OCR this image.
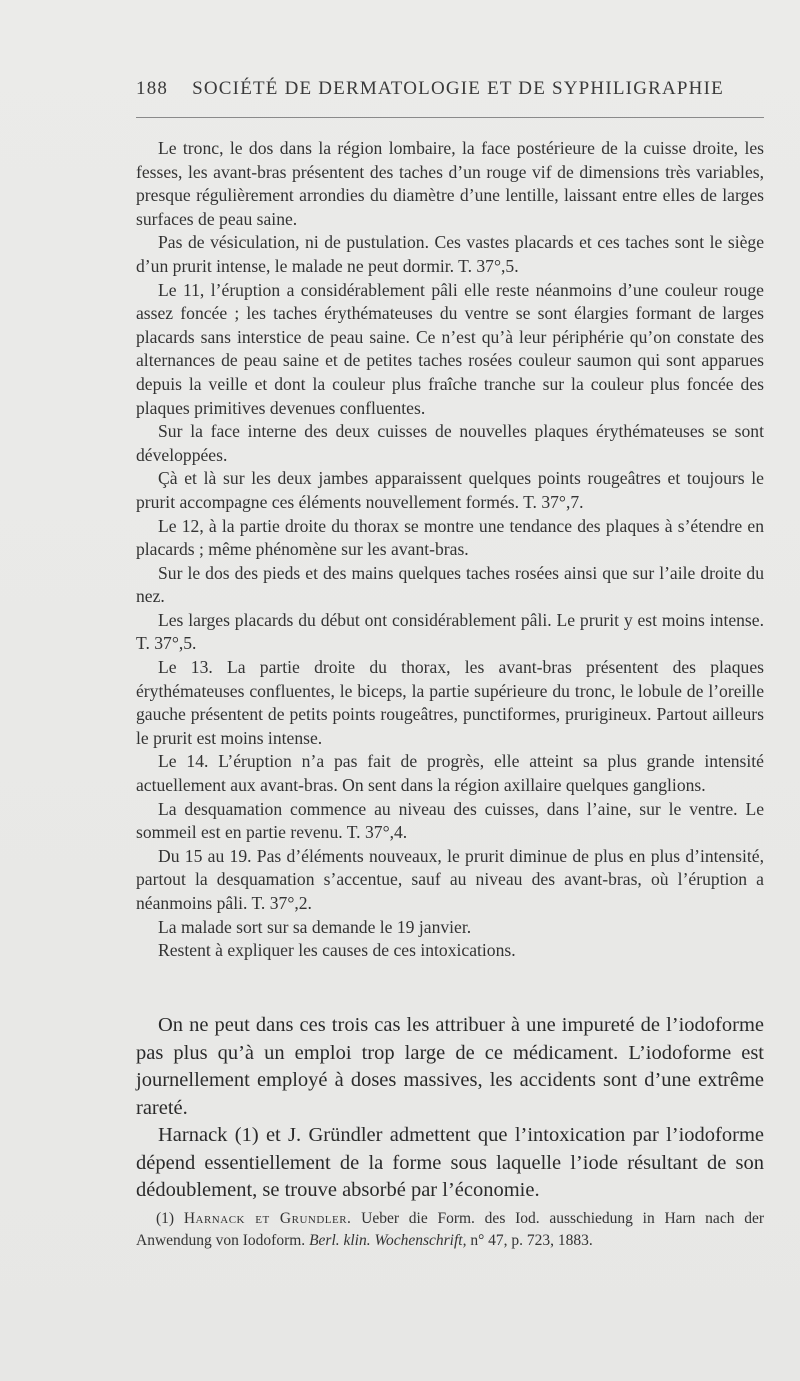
188 SOCIÉTÉ DE DERMATOLOGIE ET DE SYPHILIGRAPHIE

Le tronc, le dos dans la région lombaire, la face postérieure de la cuisse droite, les fesses, les avant-bras présentent des taches d’un rouge vif de dimensions très variables, presque régulièrement arrondies du diamètre d’une lentille, laissant entre elles de larges surfaces de peau saine.

Pas de vésiculation, ni de pustulation. Ces vastes placards et ces taches sont le siège d’un prurit intense, le malade ne peut dormir. T. 37°,5.

Le 11, l’éruption a considérablement pâli elle reste néanmoins d’une couleur rouge assez foncée ; les taches érythémateuses du ventre se sont élargies formant de larges placards sans interstice de peau saine. Ce n’est qu’à leur périphérie qu’on constate des alternances de peau saine et de petites taches rosées couleur saumon qui sont apparues depuis la veille et dont la couleur plus fraîche tranche sur la couleur plus foncée des plaques primitives devenues confluentes.

Sur la face interne des deux cuisses de nouvelles plaques érythémateuses se sont développées.

Çà et là sur les deux jambes apparaissent quelques points rougeâtres et toujours le prurit accompagne ces éléments nouvellement formés. T. 37°,7.

Le 12, à la partie droite du thorax se montre une tendance des plaques à s’étendre en placards ; même phénomène sur les avant-bras.

Sur le dos des pieds et des mains quelques taches rosées ainsi que sur l’aile droite du nez.

Les larges placards du début ont considérablement pâli. Le prurit y est moins intense. T. 37°,5.

Le 13. La partie droite du thorax, les avant-bras présentent des plaques érythémateuses confluentes, le biceps, la partie supérieure du tronc, le lobule de l’oreille gauche présentent de petits points rougeâtres, punctiformes, prurigineux. Partout ailleurs le prurit est moins intense.

Le 14. L’éruption n’a pas fait de progrès, elle atteint sa plus grande intensité actuellement aux avant-bras. On sent dans la région axillaire quelques ganglions.

La desquamation commence au niveau des cuisses, dans l’aine, sur le ventre. Le sommeil est en partie revenu. T. 37°,4.

Du 15 au 19. Pas d’éléments nouveaux, le prurit diminue de plus en plus d’intensité, partout la desquamation s’accentue, sauf au niveau des avant-bras, où l’éruption a néanmoins pâli. T. 37°,2.

La malade sort sur sa demande le 19 janvier.

Restent à expliquer les causes de ces intoxications.

On ne peut dans ces trois cas les attribuer à une impureté de l’iodoforme pas plus qu’à un emploi trop large de ce médicament. L’iodoforme est journellement employé à doses massives, les accidents sont d’une extrême rareté.

Harnack (1) et J. Gründler admettent que l’intoxication par l’iodoforme dépend essentiellement de la forme sous laquelle l’iode résultant de son dédoublement, se trouve absorbé par l’économie.

(1) Harnack et Grundler. Ueber die Form. des Iod. ausschiedung in Harn nach der Anwendung von Iodoform. Berl. klin. Wochenschrift, n° 47, p. 723, 1883.
